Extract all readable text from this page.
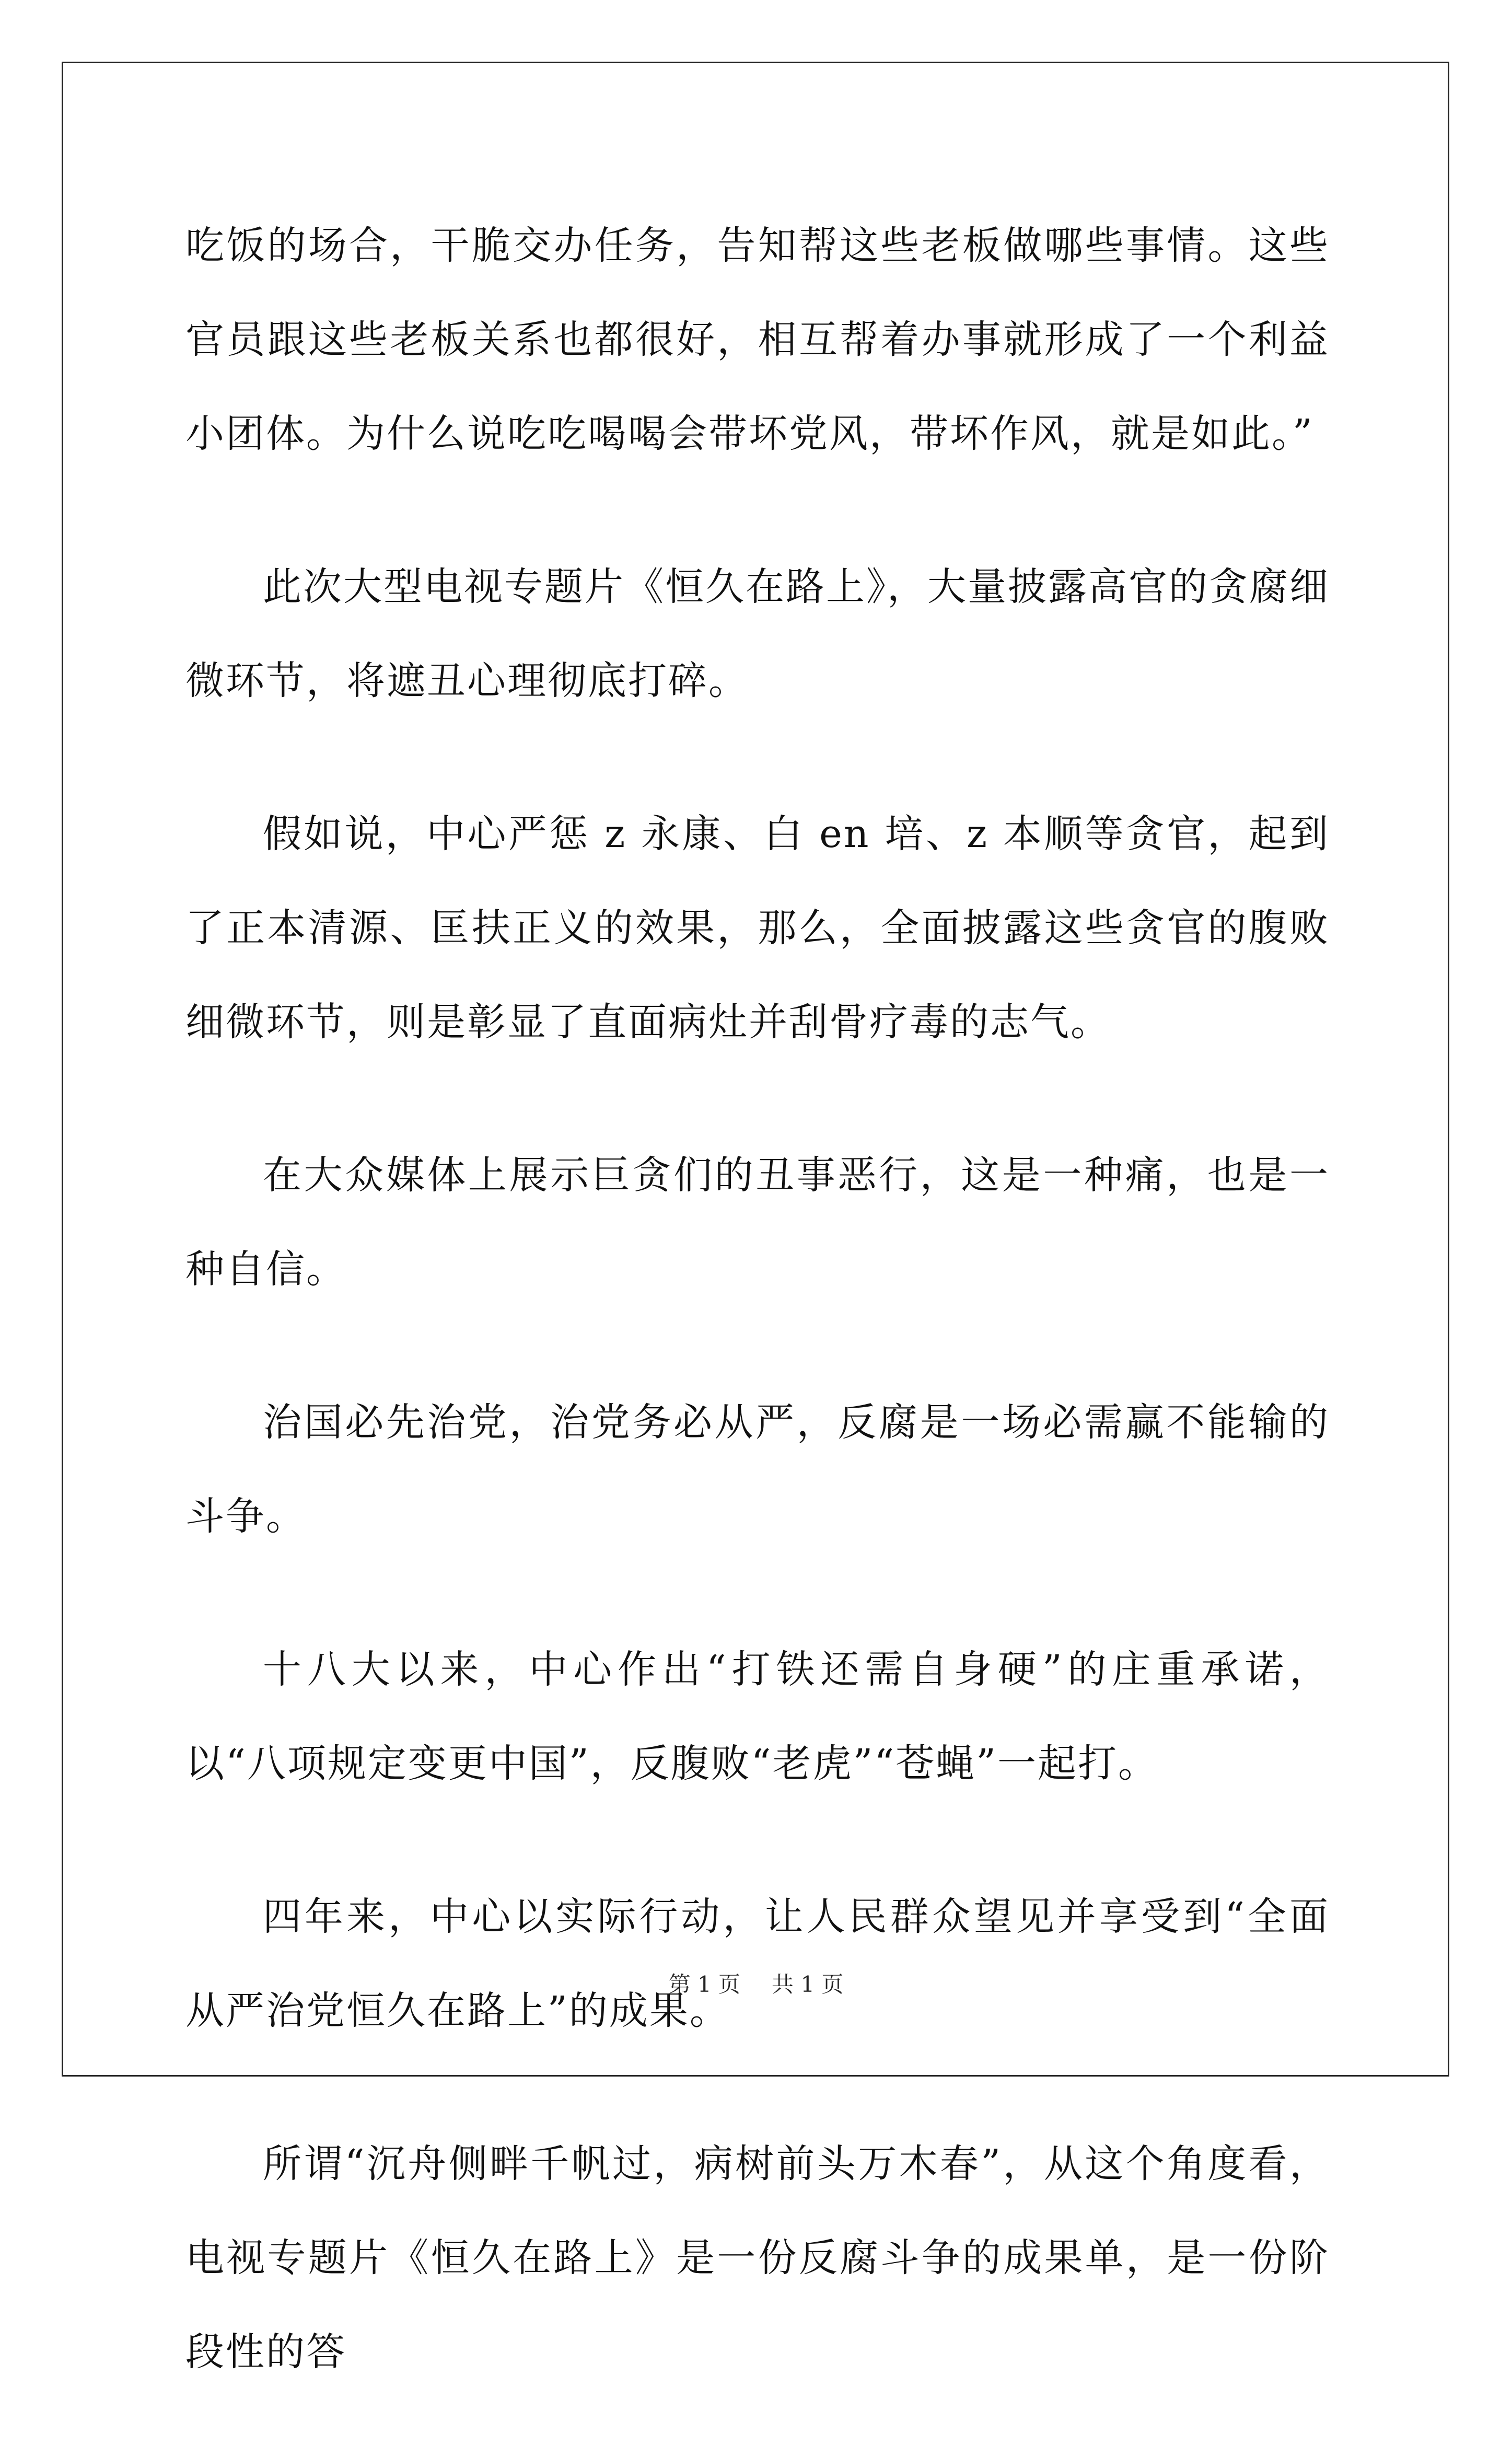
吃饭的场合，干脆交办任务，告知帮这些老板做哪些事情。这些官员跟这些老板关系也都很好，相互帮着办事就形成了一个利益小团体。为什么说吃吃喝喝会带坏党风，带坏作风，就是如此。”

此次大型电视专题片《恒久在路上》，大量披露高官的贪腐细微环节，将遮丑心理彻底打碎。

假如说，中心严惩 z 永康、白 en 培、z 本顺等贪官，起到了正本清源、匡扶正义的效果，那么，全面披露这些贪官的腹败细微环节，则是彰显了直面病灶并刮骨疗毒的志气。

在大众媒体上展示巨贪们的丑事恶行，这是一种痛，也是一种自信。

治国必先治党，治党务必从严，反腐是一场必需赢不能输的斗争。

十八大以来，中心作出“打铁还需自身硬”的庄重承诺，以“八项规定变更中国”，反腹败“老虎”“苍蝇”一起打。

四年来，中心以实际行动，让人民群众望见并享受到“全面从严治党恒久在路上”的成果。

所谓“沉舟侧畔千帆过，病树前头万木春”，从这个角度看，电视专题片《恒久在路上》是一份反腐斗争的成果单，是一份阶段性的答

第 1 页 共 1 页
